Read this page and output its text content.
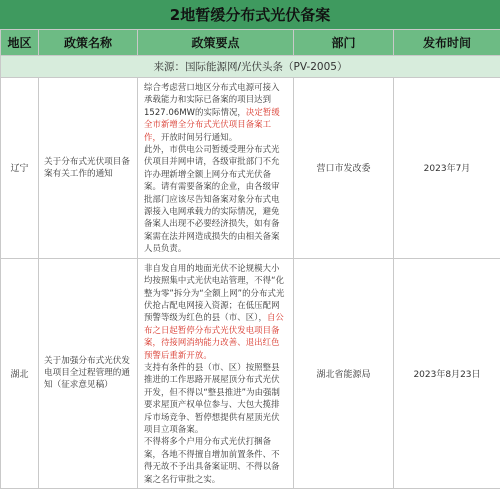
2地暂缓分布式光伏备案
地区	政策名称	政策要点	部门	发布时间
来源：国际能源网/光伏头条（PV-2005）				
辽宁	关于分布式光伏项目备案有关工作的通知	综合考虑营口地区分布式电源可接入承载能力和实际已备案的项目达到1527.06MW的实际情况，决定暂缓全市新增全分布式光伏项目备案工作，开放时间另行通知。
此外，市供电公司暂缓受理分布式光伏项目并网申请，各级审批部门不允许办理新增全额上网分布式光伏备案。请有需要备案的企业，由各级审批部门应该尽告知备案对象分布式电源接入电网承载力的实际情况，避免备案人出现不必要经济损失，如有备案需在法并网造成损失的由相关备案人员负责。	营口市发改委	2023年7月
湖北	关于加强分布式光伏发电项目全过程管理的通知（征求意见稿）	非自发自用的地面光伏不论规模大小均按照集中式光伏电站管理，不得“化整为零”拆分为“全额上网”的分布式光伏抢占配电网接入资源；在低压配网预警等级为红色的县（市、区），自公布之日起暂停分布式光伏发电项目备案，待接网消纳能力改善、退出红色预警后重新开放。
支持有条件的县（市、区）按照整县推进的工作思路开展屋顶分布式光伏开发，但不得以“整县推进”为由强制要求屋顶产权单位参与、大包大揽排斥市场竞争、暂停想提供有屋顶光伏项目立项备案。
不得将多个户用分布式光伏打捆备案，各地不得擅自增加前置条件、不得无故不予出具备案证明、不得以备案之名行审批之实。	湖北省能源局	2023年8月23日
